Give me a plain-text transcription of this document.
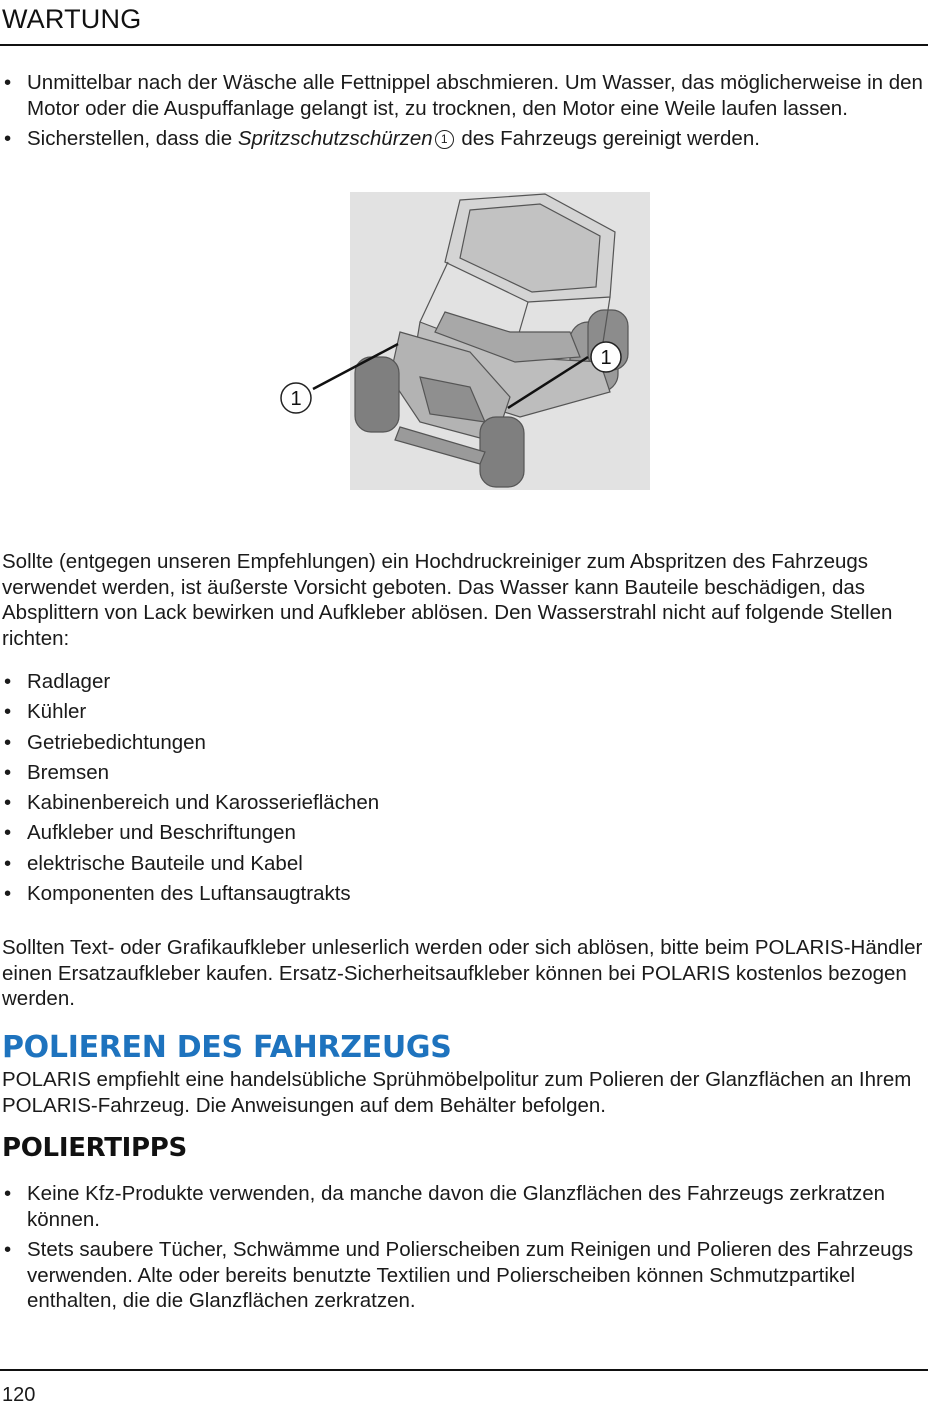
WARTUNG
• Unmittelbar nach der Wäsche alle Fettnippel abschmieren. Um Wasser, das möglicherweise in den Motor oder die Auspuffanlage gelangt ist, zu trocknen, den Motor eine Weile laufen lassen.
• Sicherstellen, dass die Spritzschutzschürzen 1 des Fahrzeugs gereinigt werden.
1
1

Sollte (entgegen unseren Empfehlungen) ein Hochdruckreiniger zum Abspritzen des Fahrzeugs verwendet werden, ist äußerste Vorsicht geboten. Das Wasser kann Bauteile beschädigen, das Absplittern von Lack bewirken und Aufkleber ablösen. Den Wasserstrahl nicht auf folgende Stellen richten:

• Radlager
• Kühler
• Getriebedichtungen
• Bremsen
• Kabinenbereich und Karosserieflächen
• Aufkleber und Beschriftungen
• elektrische Bauteile und Kabel
• Komponenten des Luftansaugtrakts

Sollten Text- oder Grafikaufkleber unleserlich werden oder sich ablösen, bitte beim POLARIS-Händler einen Ersatzaufkleber kaufen. Ersatz-Sicherheitsaufkleber können bei POLARIS kostenlos bezogen werden.

POLIEREN DES FAHRZEUGS

POLARIS empfiehlt eine handelsübliche Sprühmöbelpolitur zum Polieren der Glanzflächen an Ihrem POLARIS-Fahrzeug. Die Anweisungen auf dem Behälter befolgen.

POLIERTIPPS
• Keine Kfz-Produkte verwenden, da manche davon die Glanzflächen des Fahrzeugs zerkratzen können.
• Stets saubere Tücher, Schwämme und Polierscheiben zum Reinigen und Polieren des Fahrzeugs verwenden. Alte oder bereits benutzte Textilien und Polierscheiben können Schmutzpartikel enthalten, die die Glanzflächen zerkratzen.
120
